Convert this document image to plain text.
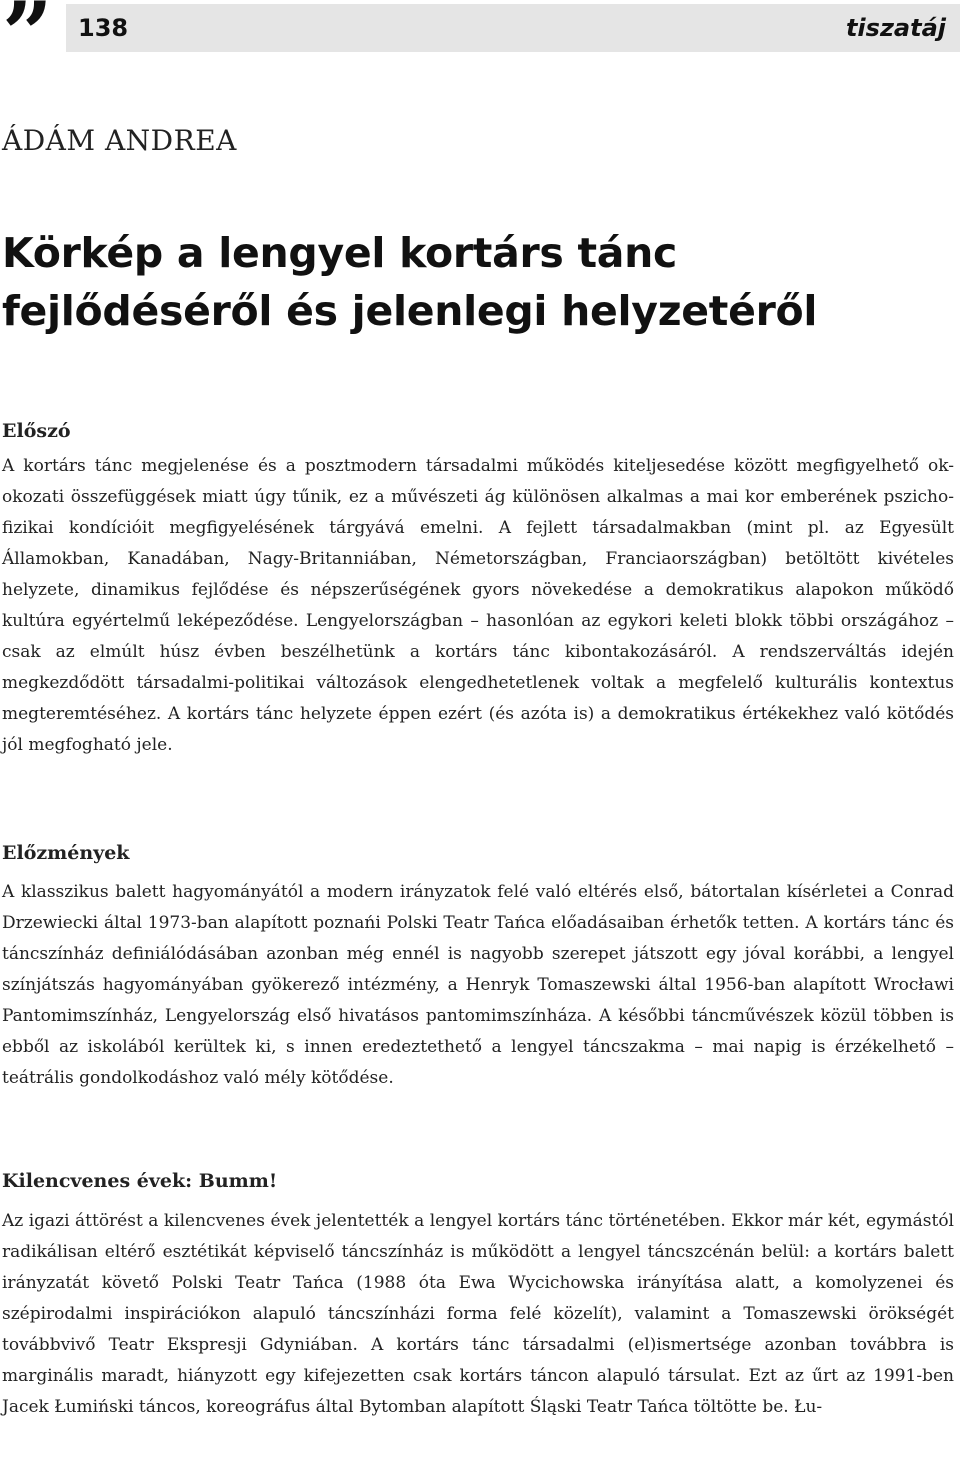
” 138	tiszatáj
ÁDÁM ANDREA
Körkép a lengyel kortárs tánc fejlődéséről és jelenlegi helyzetéről
Előszó

A kortárs tánc megjelenése és a posztmodern társadalmi működés kiteljesedése között megfigyelhető ok-okozati összefüggések miatt úgy tűnik, ez a művészeti ág különösen alkalmas a mai kor emberének pszicho-fizikai kondícióit megfigyelésének tárgyává emelni. A fejlett társadalmakban (mint pl. az Egyesült Államokban, Kanadában, Nagy-Britanniában, Németországban, Franciaországban) betöltött kivételes helyzete, dinamikus fejlődése és népszerűségének gyors növekedése a demokratikus alapokon működő kultúra egyértelmű leképeződése. Lengyelországban – hasonlóan az egykori keleti blokk többi országához – csak az elmúlt húsz évben beszélhetünk a kortárs tánc kibontakozásáról. A rendszerváltás idején megkezdődött társadalmi-politikai változások elengedhetetlenek voltak a megfelelő kulturális kontextus megteremtéséhez. A kortárs tánc helyzete éppen ezért (és azóta is) a demokratikus értékekhez való kötődés jól megfogható jele.

Előzmények

A klasszikus balett hagyományától a modern irányzatok felé való eltérés első, bátortalan kísérletei a Conrad Drzewiecki által 1973-ban alapított poznańi Polski Teatr Tańca előadásaiban érhetők tetten. A kortárs tánc és táncszínház definiálódásában azonban még ennél is nagyobb szerepet játszott egy jóval korábbi, a lengyel színjátszás hagyományában gyökerező intézmény, a Henryk Tomaszewski által 1956-ban alapított Wrocławi Pantomimszínház, Lengyelország első hivatásos pantomimszínháza. A későbbi táncművészek közül többen is ebből az iskolából kerültek ki, s innen eredeztethető a lengyel táncszakma – mai napig is érzékelhető – teátrális gondolkodáshoz való mély kötődése.

Kilencvenes évek: Bumm!

Az igazi áttörést a kilencvenes évek jelentették a lengyel kortárs tánc történetében. Ekkor már két, egymástól radikálisan eltérő esztétikát képviselő táncszínház is működött a lengyel táncszcénán belül: a kortárs balett irányzatát követő Polski Teatr Tańca (1988 óta Ewa Wycichowska irányítása alatt, a komolyzenei és szépirodalmi inspirációkon alapuló táncszínházi forma felé közelít), valamint a Tomaszewski örökségét továbbvivő Teatr Ekspresji Gdyniában. A kortárs tánc társadalmi (el)ismertsége azonban továbbra is marginális maradt, hiányzott egy kifejezetten csak kortárs táncon alapuló társulat. Ezt az űrt az 1991-ben Jacek Łumiński táncos, koreográfus által Bytomban alapított Śląski Teatr Tańca töltötte be. Łu-
